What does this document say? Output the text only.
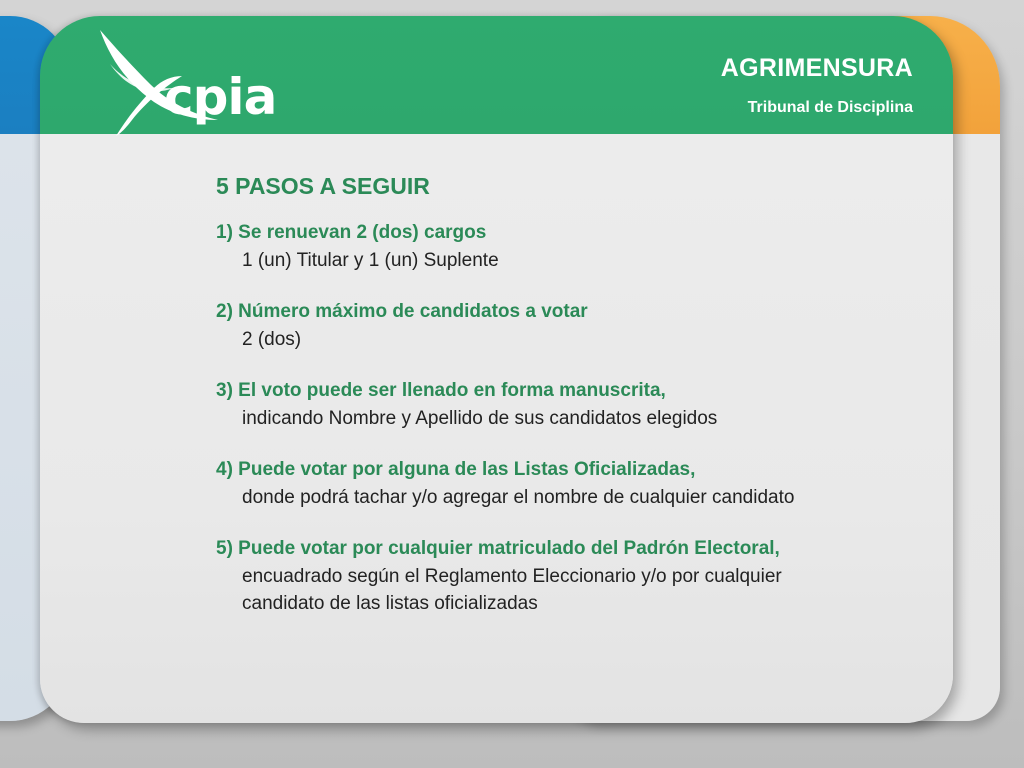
cpia	AGRIMENSURA
Tribunal de Disciplina
5 PASOS A SEGUIR
1) Se renuevan 2 (dos) cargos
1 (un) Titular y 1 (un) Suplente
2) Número máximo de candidatos a votar
2 (dos)
3) El voto puede ser llenado en forma manuscrita,
indicando Nombre y Apellido de sus candidatos elegidos
4) Puede votar por alguna de las Listas Oficializadas,
donde podrá tachar y/o agregar el nombre de cualquier candidato
5) Puede votar por cualquier matriculado del Padrón Electoral,
encuadrado según el Reglamento Eleccionario y/o por cualquier
candidato de las listas oficializadas
